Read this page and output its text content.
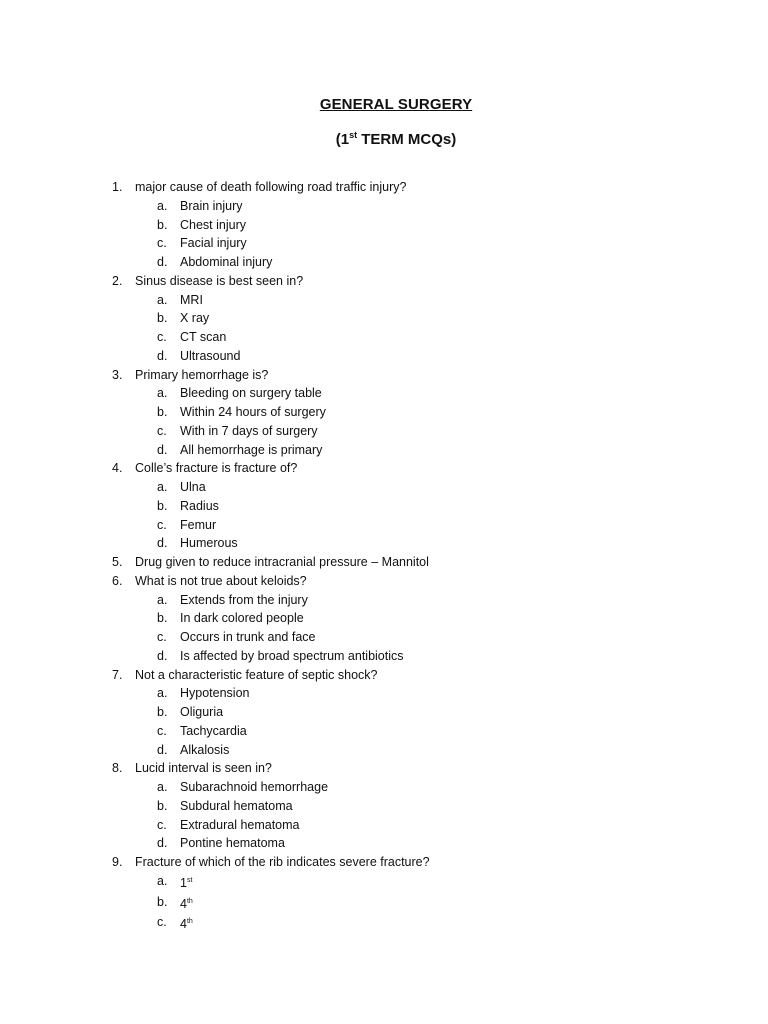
GENERAL SURGERY
(1st TERM MCQs)
1.	major cause of death following road traffic injury?
a.	Brain injury
b.	Chest injury
c.	Facial injury
d.	Abdominal injury
2.	Sinus disease is best seen in?
a.	MRI
b.	X ray
c.	CT scan
d.	Ultrasound
3.	Primary hemorrhage is?
a.	Bleeding on surgery table
b.	Within 24 hours of surgery
c.	With in 7 days of surgery
d.	All hemorrhage is primary
4.	Colle’s fracture is fracture of?
a.	Ulna
b.	Radius
c.	Femur
d.	Humerous
5.	Drug given to reduce intracranial pressure – Mannitol
6.	What is not true about keloids?
a.	Extends from the injury
b.	In dark colored people
c.	Occurs in trunk and face
d.	Is affected by broad spectrum antibiotics
7.	Not a characteristic feature of septic shock?
a.	Hypotension
b.	Oliguria
c.	Tachycardia
d.	Alkalosis
8.	Lucid interval is seen in?
a.	Subarachnoid hemorrhage
b.	Subdural hematoma
c.	Extradural hematoma
d.	Pontine hematoma
9.	Fracture of which of the rib indicates severe fracture?
a.	1st
b.	4th
c.	4th
